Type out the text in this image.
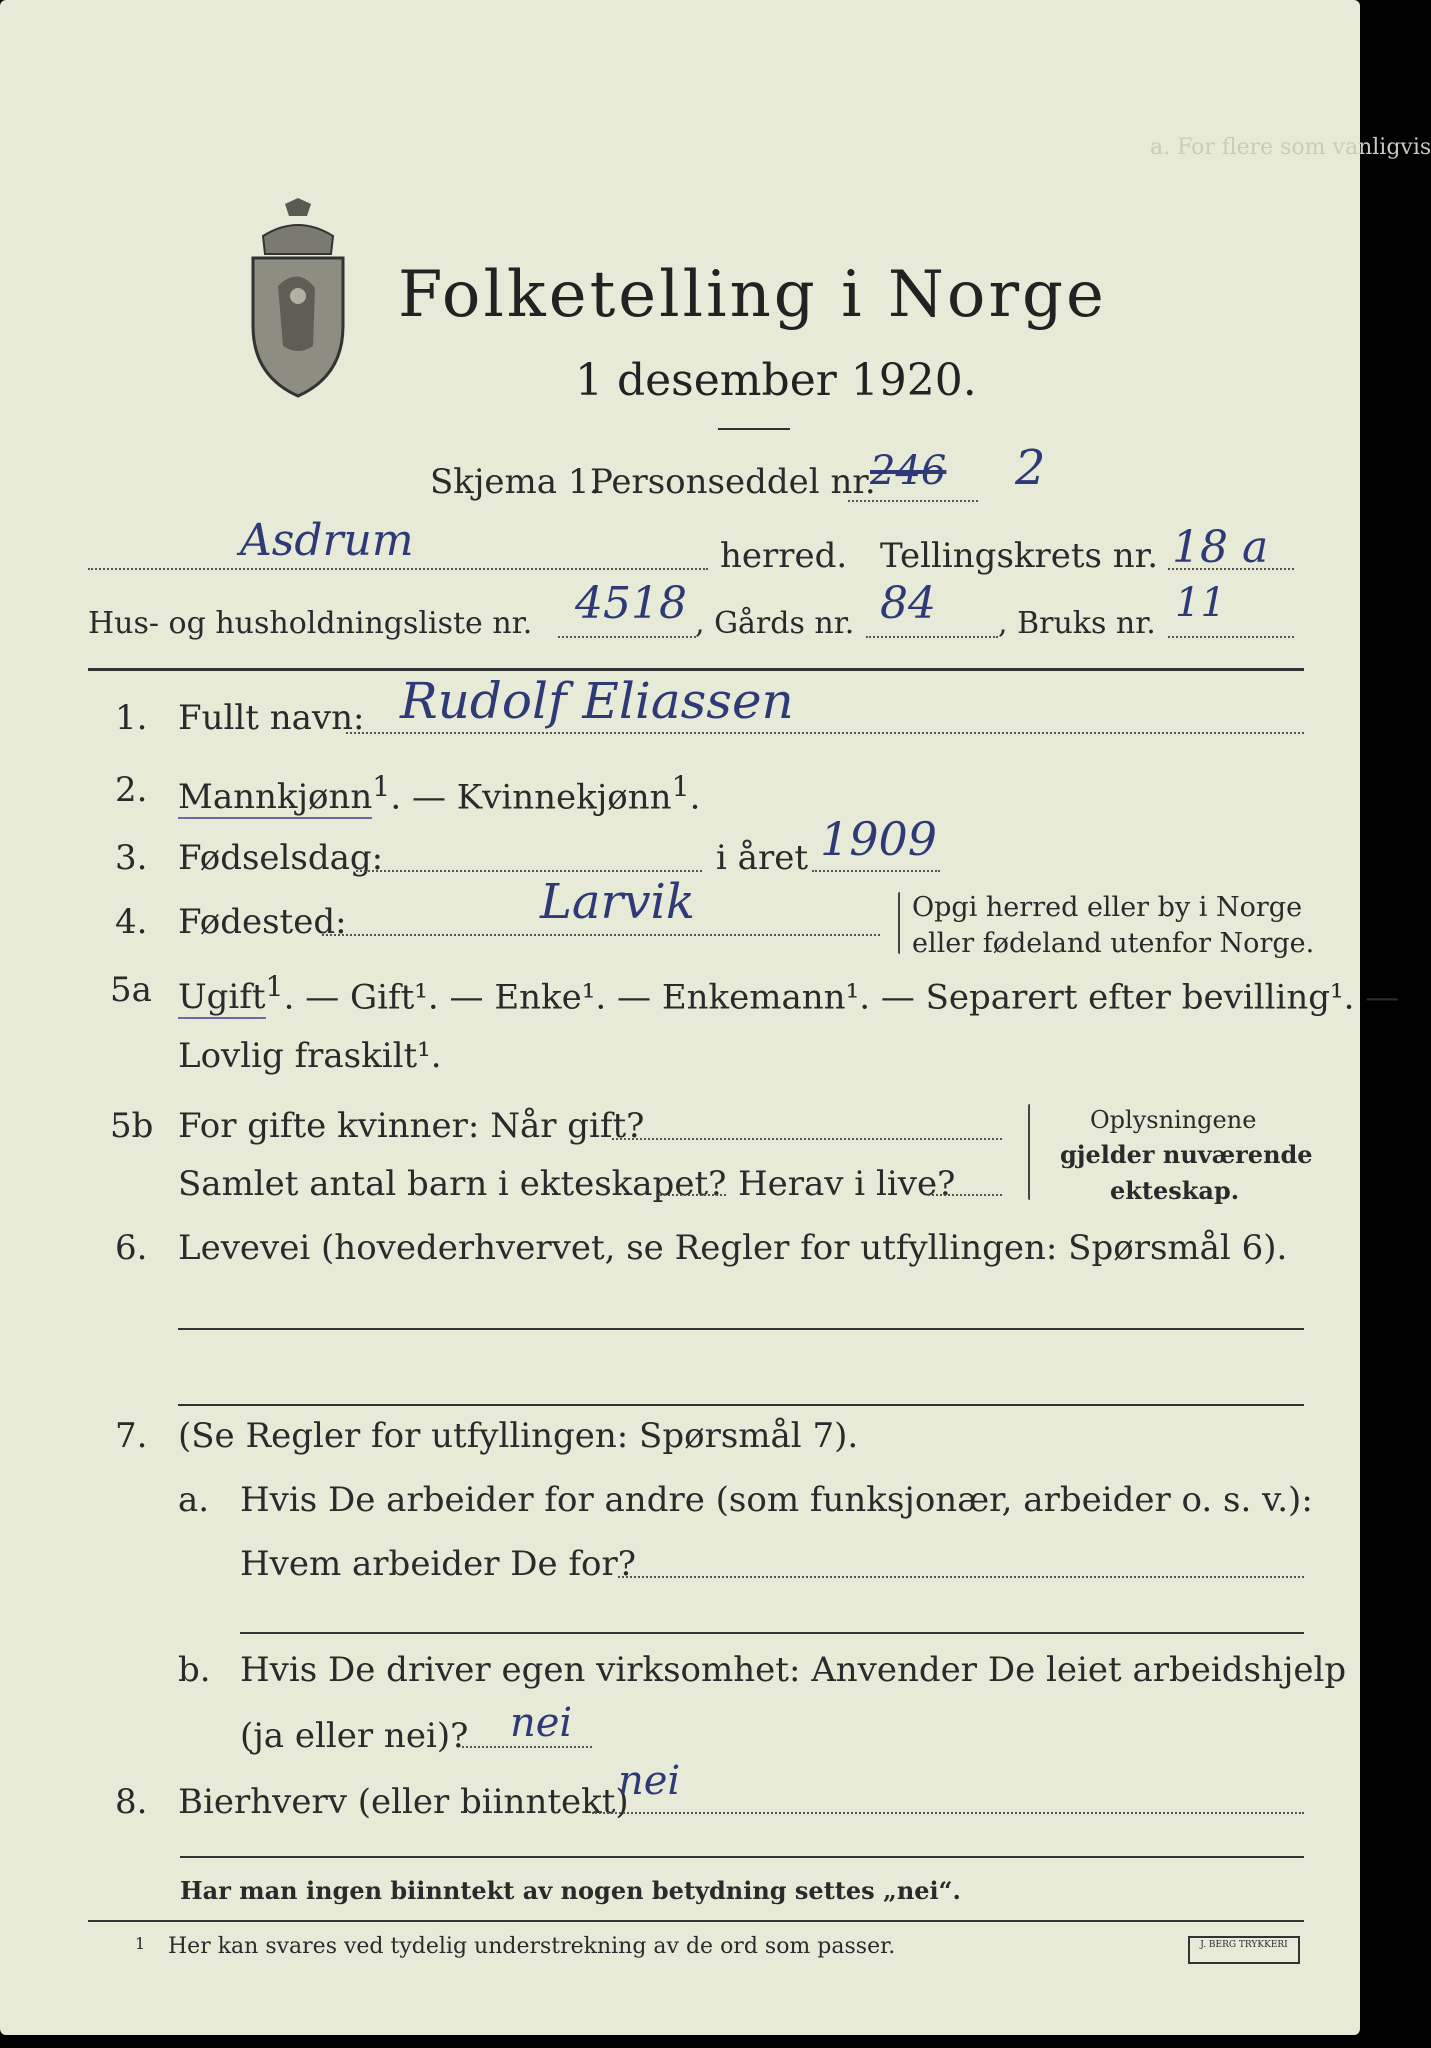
a. For flere som vanligvis
Folketelling i Norge
1 desember 1920.
Skjema 1.
Personseddel nr.
246 2
Asdrum	herred. Tellingskrets nr. 18 a
Hus- og husholdningsliste nr. 4518 , Gårds nr. 84 , Bruks nr. 11
1. Fullt navn: Rudolf Eliassen
2. Mannkjønn$^1$. — Kvinnekjønn$^1$.
3. Fødselsdag:	i året 1909
4. Fødested:	Larvik	Opgi herred eller by i Norge
eller fødeland utenfor Norge.
5a Ugift$^1$. — Gift¹. — Enke¹. — Enkemann¹. — Separert efter bevilling¹. —
Lovlig fraskilt¹.
5b For gifte kvinner: Når gift?
Samlet antal barn i ekteskapet? Herav i live?
Oplysningene
gjelder nuværende
ekteskap.
6. Levevei (hovederhvervet, se Regler for utfyllingen: Spørsmål 6).
7. (Se Regler for utfyllingen: Spørsmål 7).
a. Hvis De arbeider for andre (som funksjonær, arbeider o. s. v.):
Hvem arbeider De for?
b. Hvis De driver egen virksomhet: Anvender De leiet arbeidshjelp
(ja eller nei)? nei
8. Bierhverv (eller biinntekt)
nei
Har man ingen biinntekt av nogen betydning settes „nei“.
1 Her kan svares ved tydelig understrekning av de ord som passer.	J. BERG TRYKKERI
